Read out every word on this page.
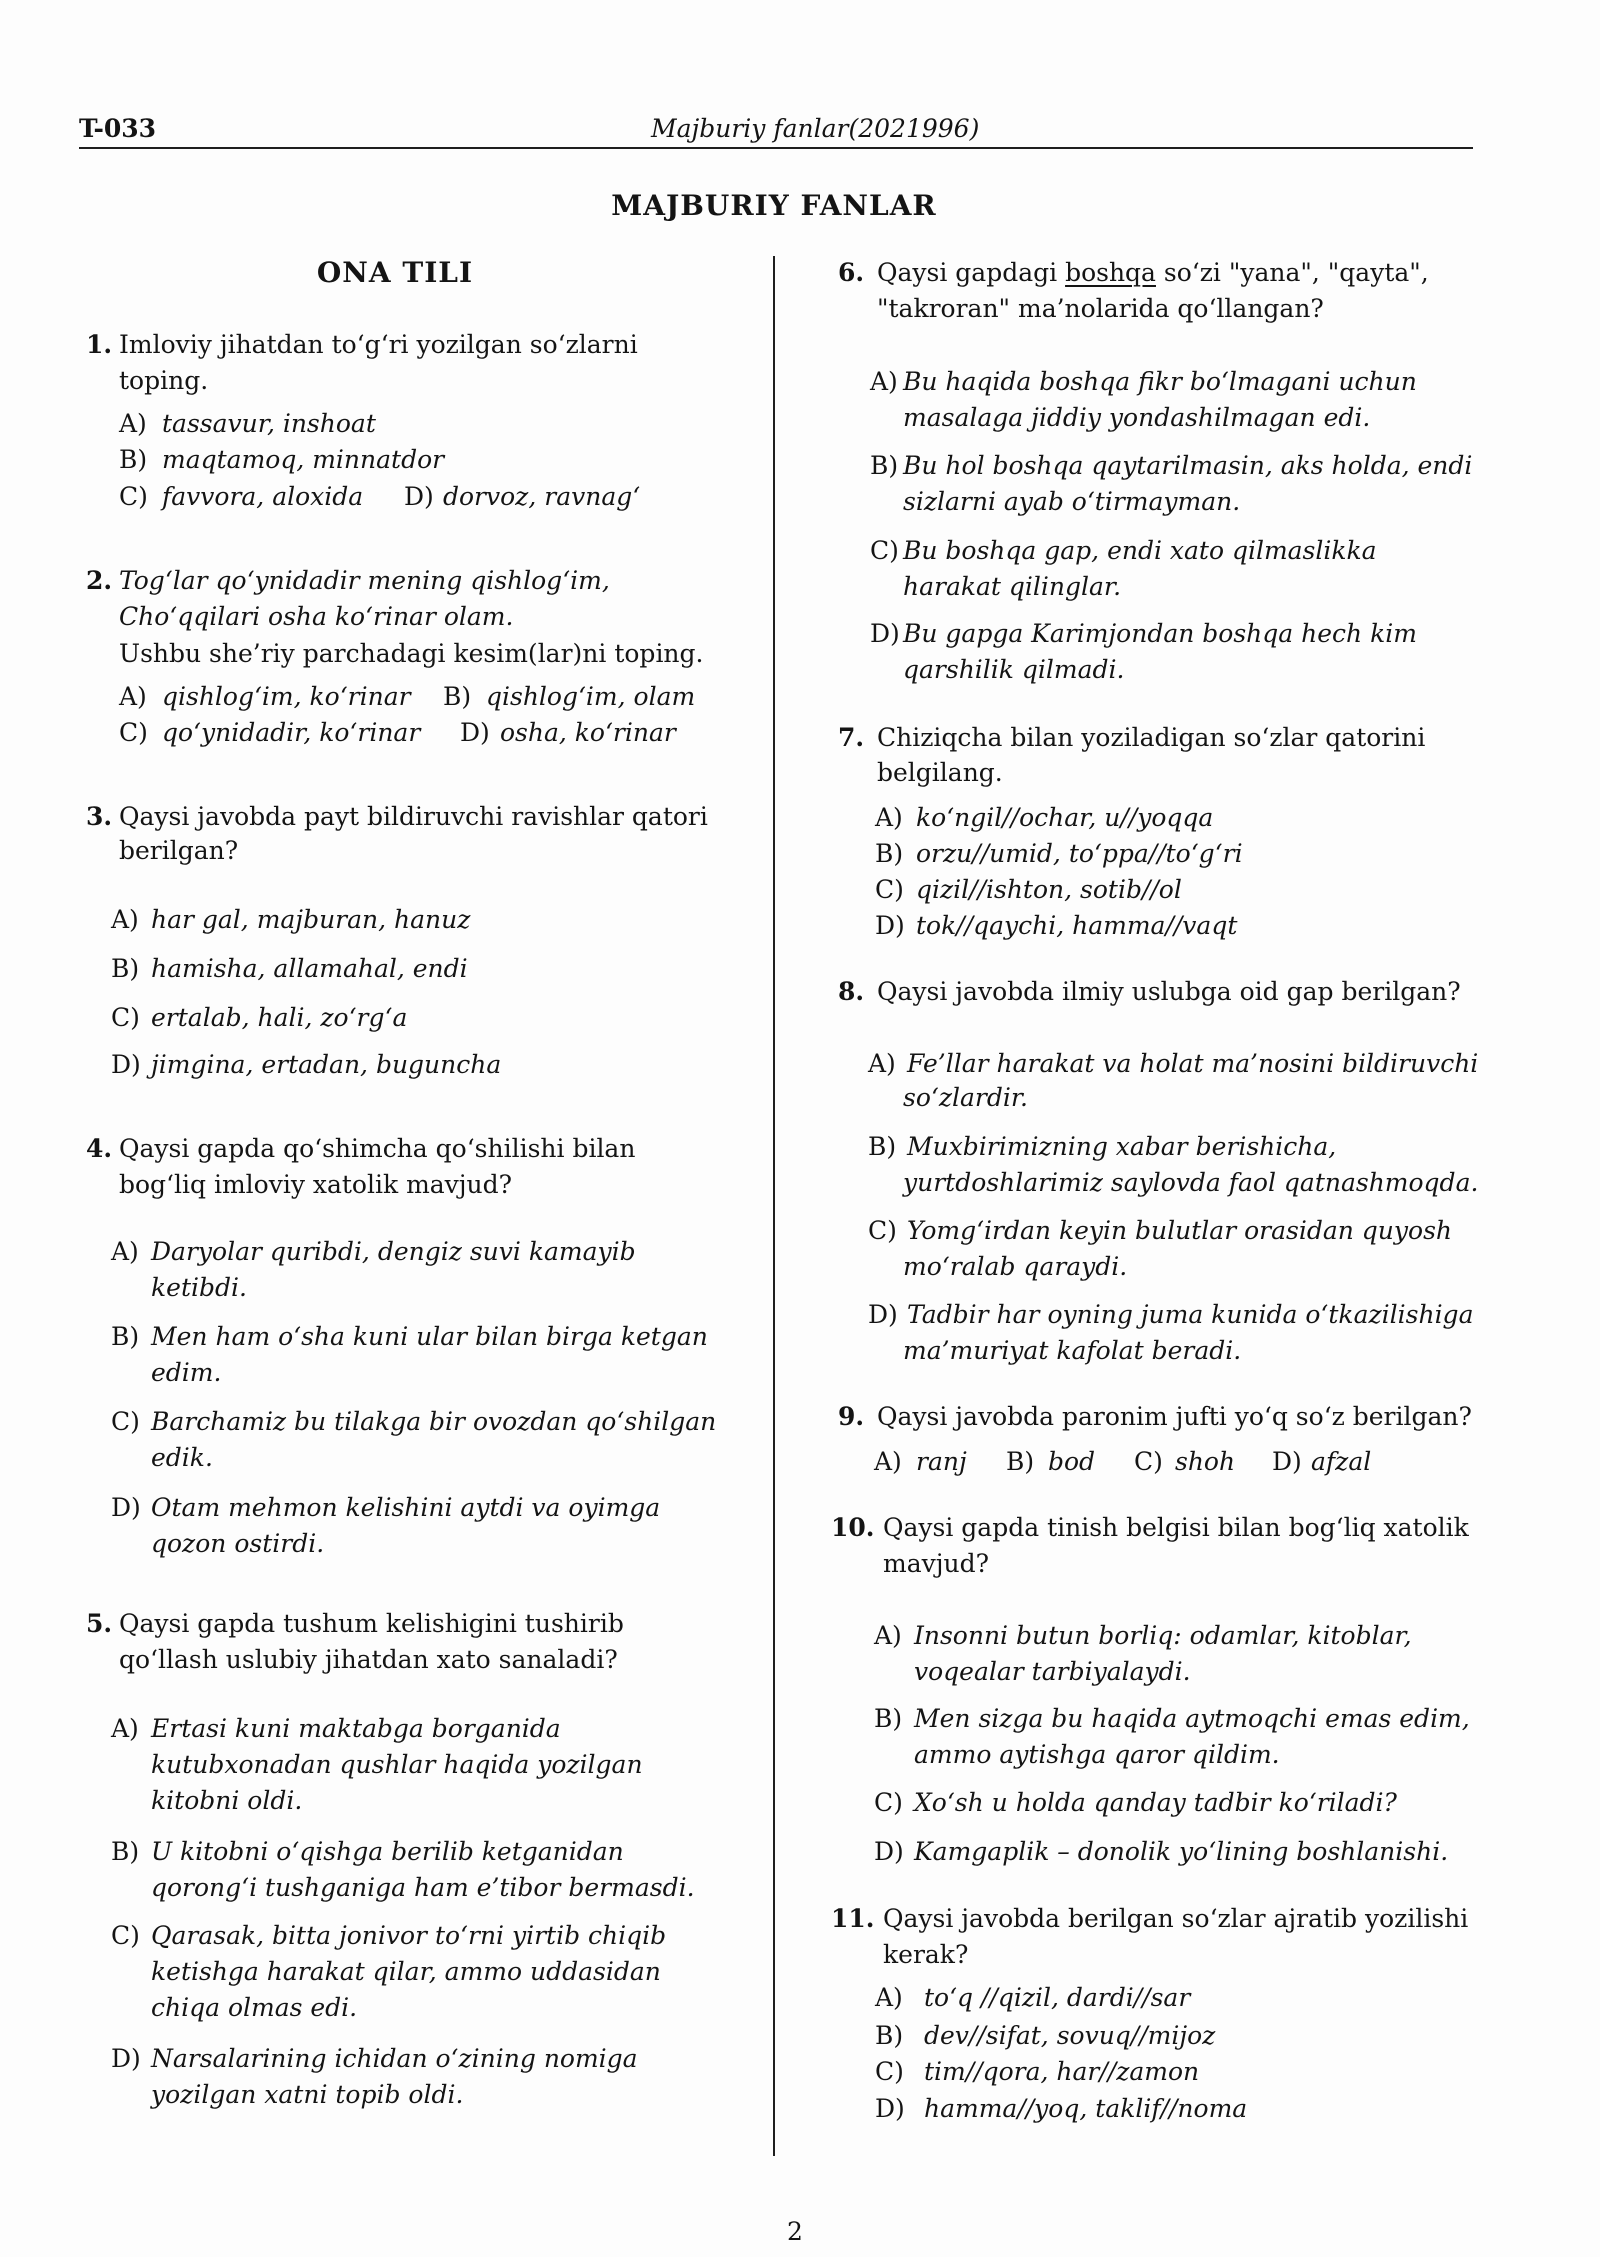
T-033	Majburiy fanlar(2021996)
MAJBURIY FANLAR
ONA TILI
1. Imloviy jihatdan to‘g‘ri yozilgan so‘zlarni
toping.
A) tassavur, inshoat
B) maqtamoq, minnatdor
C) favvora, aloxida D) dorvoz, ravnag‘
2. Tog‘lar qo‘ynidadir mening qishlog‘im,
Cho‘qqilari osha ko‘rinar olam.
Ushbu she’riy parchadagi kesim(lar)ni toping.
A) qishlog‘im, ko‘rinar B) qishlog‘im, olam
C) qo‘ynidadir, ko‘rinar D) osha, ko‘rinar
3. Qaysi javobda payt bildiruvchi ravishlar qatori
berilgan?
A) har gal, majburan, hanuz
B) hamisha, allamahal, endi
C) ertalab, hali, zo‘rg‘a
D) jimgina, ertadan, buguncha
4. Qaysi gapda qo‘shimcha qo‘shilishi bilan
bog‘liq imloviy xatolik mavjud?
A) Daryolar quribdi, dengiz suvi kamayib
ketibdi.
B) Men ham o‘sha kuni ular bilan birga ketgan
edim.
C) Barchamiz bu tilakga bir ovozdan qo‘shilgan
edik.
D) Otam mehmon kelishini aytdi va oyimga
qozon ostirdi.
5. Qaysi gapda tushum kelishigini tushirib
qo‘llash uslubiy jihatdan xato sanaladi?
A) Ertasi kuni maktabga borganida
kutubxonadan qushlar haqida yozilgan
kitobni oldi.
B) U kitobni o‘qishga berilib ketganidan
qorong‘i tushganiga ham e’tibor bermasdi.
C) Qarasak, bitta jonivor to‘rni yirtib chiqib
ketishga harakat qilar, ammo uddasidan
chiqa olmas edi.
D) Narsalarining ichidan o‘zining nomiga
yozilgan xatni topib oldi.
6. Qaysi gapdagi boshqa so‘zi "yana", "qayta",
"takroran" ma’nolarida qo‘llangan?
A) Bu haqida boshqa fikr bo‘lmagani uchun
masalaga jiddiy yondashilmagan edi.
B) Bu hol boshqa qaytarilmasin, aks holda, endi
sizlarni ayab o‘tirmayman.
C) Bu boshqa gap, endi xato qilmaslikka
harakat qilinglar.
D) Bu gapga Karimjondan boshqa hech kim
qarshilik qilmadi.
7. Chiziqcha bilan yoziladigan so‘zlar qatorini
belgilang.
A) ko‘ngil//ochar, u//yoqqa
B) orzu//umid, to‘ppa//to‘g‘ri
C) qizil//ishton, sotib//ol
D) tok//qaychi, hamma//vaqt
8. Qaysi javobda ilmiy uslubga oid gap berilgan?
A) Fe’llar harakat va holat ma’nosini bildiruvchi
so‘zlardir.
B) Muxbirimizning xabar berishicha,
yurtdoshlarimiz saylovda faol qatnashmoqda.
C) Yomg‘irdan keyin bulutlar orasidan quyosh
mo‘ralab qaraydi.
D) Tadbir har oyning juma kunida o‘tkazilishiga
ma’muriyat kafolat beradi.
9. Qaysi javobda paronim jufti yo‘q so‘z berilgan?
A) ranj B) bod C) shoh D) afzal
10. Qaysi gapda tinish belgisi bilan bog‘liq xatolik
mavjud?
A) Insonni butun borliq: odamlar, kitoblar,
voqealar tarbiyalaydi.
B) Men sizga bu haqida aytmoqchi emas edim,
ammo aytishga qaror qildim.
C) Xo‘sh u holda qanday tadbir ko‘riladi?
D) Kamgaplik – donolik yo‘lining boshlanishi.
11. Qaysi javobda berilgan so‘zlar ajratib yozilishi
kerak?
A) to‘q //qizil, dardi//sar
B) dev//sifat, sovuq//mijoz
C) tim//qora, har//zamon
D) hamma//yoq, taklif//noma
2
